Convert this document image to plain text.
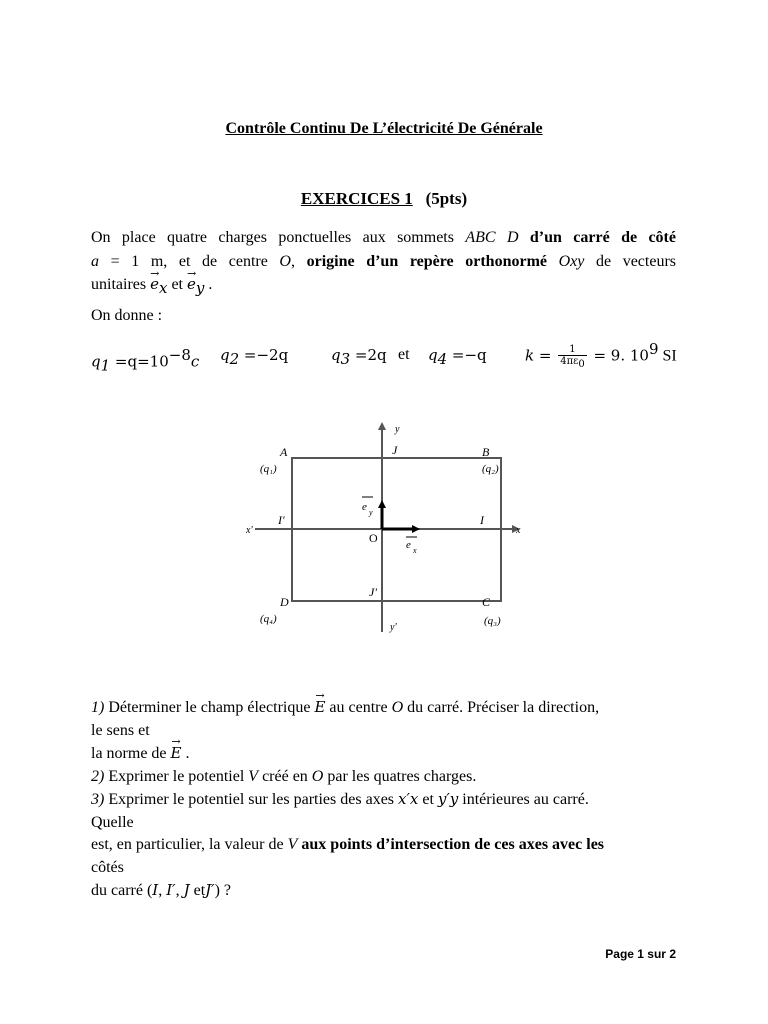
Contrôle Continu De L’électricité De Générale
EXERCICES 1 (5pts)
On place quatre charges ponctuelles aux sommets ABC D d’un carré de côté
a = 1 m, et de centre O, origine d’un repère orthonormé Oxy de vecteurs
unitaires → $e_x$ et → $e_y$ .
On donne :
$q_1 =q=10^{-8}c$ $q_2 =-2q$	$q_3 =2q$ et $q_4 =-q$	$k = \frac{1}{4\pi\varepsilon_0} = 9$. $10^9$ SI
A
(q₁)
B
(q₂)
D
(q₄)
C
(q₃)
y
y'
x
x'
J
J'
I
I'
O
e y
e x
1) Déterminer le champ électrique → E au centre O du carré. Préciser la direction,
le sens et
la norme de → E .
2) Exprimer le potentiel V créé en O par les quatres charges.
3) Exprimer le potentiel sur les parties des axes x′x et y′y intérieures au carré.
Quelle
est, en particulier, la valeur de V aux points d’intersection de ces axes avec les
côtés
du carré (I, I′, J etJ′) ?
Page 1 sur 2
